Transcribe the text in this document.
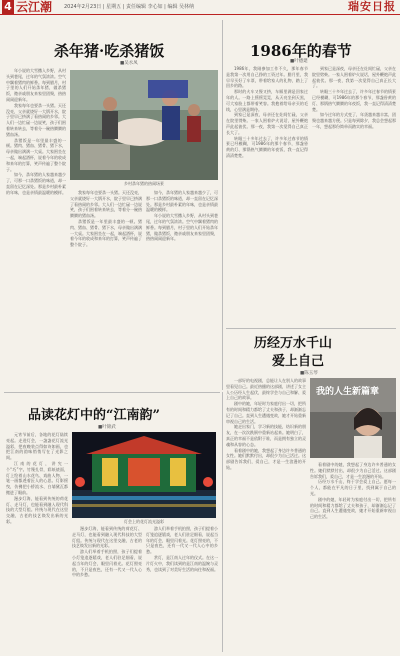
4 云江潮 2024年2月23日 | 星期五 | 责任编辑 李心如 | 编辑 吴林纳	瑞安日报
杀年猪·吃杀猪饭
■吴水凤

年小说的大雪撒入乡野，从村头到巷尾，过年的气氛浓浓。空气中飘着猪肉的鲜香。每到腊月，村子里的人们开始杀年猪，做杀猪饭，邀亲戚朋友来家里团聚，热热闹闹迎新年。

我家每年也要杀一头猪。天还没亮，父亲就烧好一大锅开水，院子里早已挤满了看热闹的乡邻。大人们一边忙碌一边说笑，孩子们围着转来转去，等着分一碗热腾腾的猪血汤。

杀猪饭是一年里最丰盛的一顿。猪肉、猪血、猪骨、猪下水，母亲做出满满一大桌。大家围坐在一起，端起酒杯，说着今年的收成和来年的打算，笑声传遍了整个院子。

如今，杀年猪的人家越来越少了，可那一口杀猪饭的味道，却一直留在记忆深处。那是乡村最朴素的年味，也是亲情最温暖的模样。

乡村杀年猪的热闹场景

我家每年也要杀一头猪。天还没亮，父亲就烧好一大锅开水，院子里早已挤满了看热闹的乡邻。大人们一边忙碌一边说笑，孩子们围着转来转去，等着分一碗热腾腾的猪血汤。

杀猪饭是一年里最丰盛的一顿。猪肉、猪血、猪骨、猪下水，母亲做出满满一大桌。大家围坐在一起，端起酒杯，说着今年的收成和来年的打算，笑声传遍了整个院子。

如今，杀年猪的人家越来越少了，可那一口杀猪饭的味道，却一直留在记忆深处。那是乡村最朴素的年味，也是亲情最温暖的模样。

年小说的大雪撒入乡野，从村头到巷尾，过年的气氛浓浓。空气中飘着猪肉的鲜香。每到腊月，村子里的人们开始杀年猪，做杀猪饭，邀亲戚朋友来家里团聚，热热闹闹迎新年。

1986年的春节
■叶德建

1986年，我刚参加工作不久，那年春节是我第一次用自己挣的工资过年。腊月里，我早早买好了车票，带着给家人的礼物，踏上了回乡的路。

那时的火车又慢又挤，车厢里满是回家过年的人。一路上摇摇晃晃，从天亮坐到天黑，可大家脸上都带着笑容。我抱着给母亲买的毛线，心里满是期待。

到家已是深夜，母亲还在灶间忙碌，父亲在院里劈柴。一家人围着炉火说话，屋外鞭炮声此起彼伏。那一夜，我第一次觉得自己真正长大了。

转眼三十多年过去了，许多年过春节的情景已经模糊，可1986年的那个春节，那盏昏黄的灯、那锅热气腾腾的年夜饭，我一直记得清清楚楚。

到家已是深夜，母亲还在灶间忙碌，父亲在院里劈柴。一家人围着炉火说话，屋外鞭炮声此起彼伏。那一夜，我第一次觉得自己真正长大了。

转眼三十多年过去了，许多年过春节的情景已经模糊，可1986年的那个春节，那盏昏黄的灯、那锅热气腾腾的年夜饭，我一直记得清清楚楚。

如今过年的方式变了，年货越来越丰富，团聚也越来越方便。只是每到除夕，我总会想起那一年，想起那份简单而踏实的幸福。

历经万水千山
爱上自己
■陈玉琴

一部好的电视剧，总能让人在别人的故事里看见自己。最近热播的这部剧，讲述了女主人公历经人生起伏，最终学会与自己和解、爱上自己的故事。

剧中的她，年轻时为家庭付出一切，把所有的时间和精力都给了丈夫和孩子，却渐渐忘记了自己。直到人生遭遇变故，她才开始重新审视自己的生活。

她走出家门，学习新的技能，结识新的朋友，在一次次跌倒中重新站起来。她明白了，真正的幸福不是依附于谁，而是拥有独立的灵魂和从容的心态。

看着剧中的她，我想起了身边许多普通的女性。她们默默付出，却很少为自己活过。这部剧告诉我们，爱自己，才是一生浪漫的开始。

我的人生新篇章

看着剧中的她，我想起了身边许多普通的女性。她们默默付出，却很少为自己活过。这部剧告诉我们，爱自己，才是一生浪漫的开始。

历经万水千山，终于学会爱上自己。愿每一个人，都能在平凡的日子里，找到属于自己的光。

剧中的她，年轻时为家庭付出一切，把所有的时间和精力都给了丈夫和孩子，却渐渐忘记了自己。直到人生遭遇变故，她才开始重新审视自己的生活。

品读花灯中的“江南韵”
■叶锦武

元宵节前后，各地的花灯陆续亮起。走进灯会，一盏盏花灯流光溢彩，把夜晚装点得如诗如画，也把江南的韵味悄悄写在了光影之间。

江南的花灯，讲究一个“巧”字。竹篾扎骨，彩纸裱面，灯上绘着山水花鸟、戏曲人物，一笔一画都透着匠人的心思。灯影摇曳，仿佛把小桥流水、白墙黛瓦都搬进了眼前。

漫步灯海，能看到传统的荷花灯、走马灯，也能看到融入现代科技的大型灯组。传统与现代在这里交融，古老的技艺焕发出新的光彩。	灯会上的花灯流光溢彩

漫步灯海，能看到传统的荷花灯、走马灯，也能看到融入现代科技的大型灯组。传统与现代在这里交融，古老的技艺焕发出新的光彩。

游人们举着手机拍照，孩子们提着小灯笼追逐嬉戏，老人们驻足细看，说起当年的灯会，眼里闪着光。花灯照亮的，不只是夜色，还有一代又一代人心中的乡愁。

游人们举着手机拍照，孩子们提着小灯笼追逐嬉戏，老人们驻足细看，说起当年的灯会，眼里闪着光。花灯照亮的，不只是夜色，还有一代又一代人心中的乡愁。

赏灯，是江南人过年的仪式。在这一片灯火中，我们读到的是江南的温婉与灵秀，也读到了对美好生活的向往和祝福。
